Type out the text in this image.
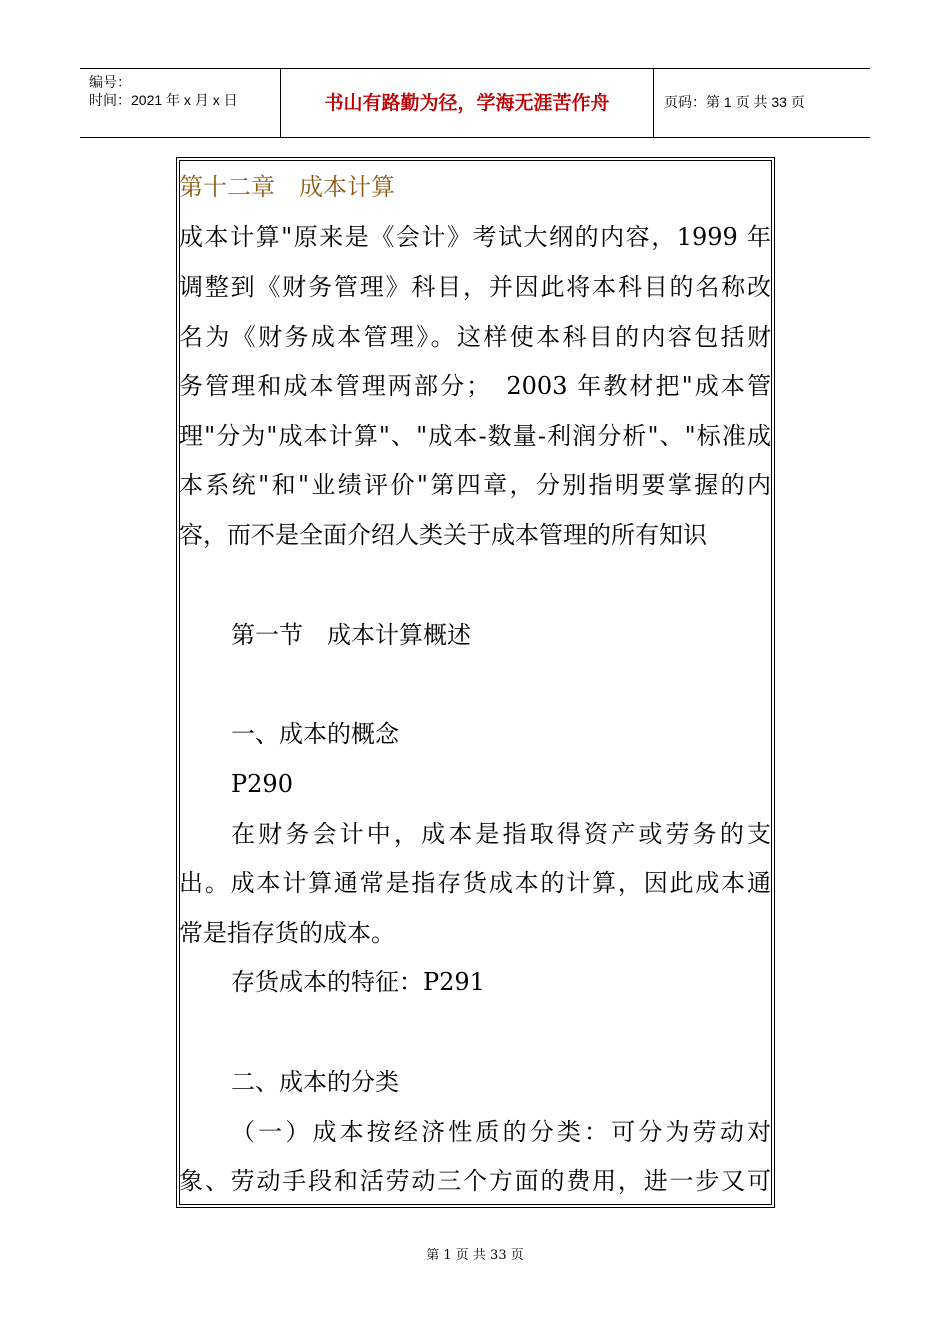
编号：
时间：2021 年 x 月 x 日	书山有路勤为径，学海无涯苦作舟	页码：第 1 页 共 33 页
第十二章　成本计算
成本计算"原来是《会计》考试大纲的内容，1999 年
调整到《财务管理》科目，并因此将本科目的名称改
名为《财务成本管理》。这样使本科目的内容包括财
务管理和成本管理两部分；　2003 年教材把"成本管
理"分为"成本计算"、"成本-数量-利润分析"、"标准成
本系统"和"业绩评价"第四章，分别指明要掌握的内
容，而不是全面介绍人类关于成本管理的所有知识
第一节　成本计算概述
一、成本的概念
P290
在财务会计中，成本是指取得资产或劳务的支
出。成本计算通常是指存货成本的计算，因此成本通
常是指存货的成本。
存货成本的特征：P291
二、成本的分类
（一）成本按经济性质的分类：可分为劳动对
象、劳动手段和活劳动三个方面的费用，进一步又可
第 1 页 共 33 页
